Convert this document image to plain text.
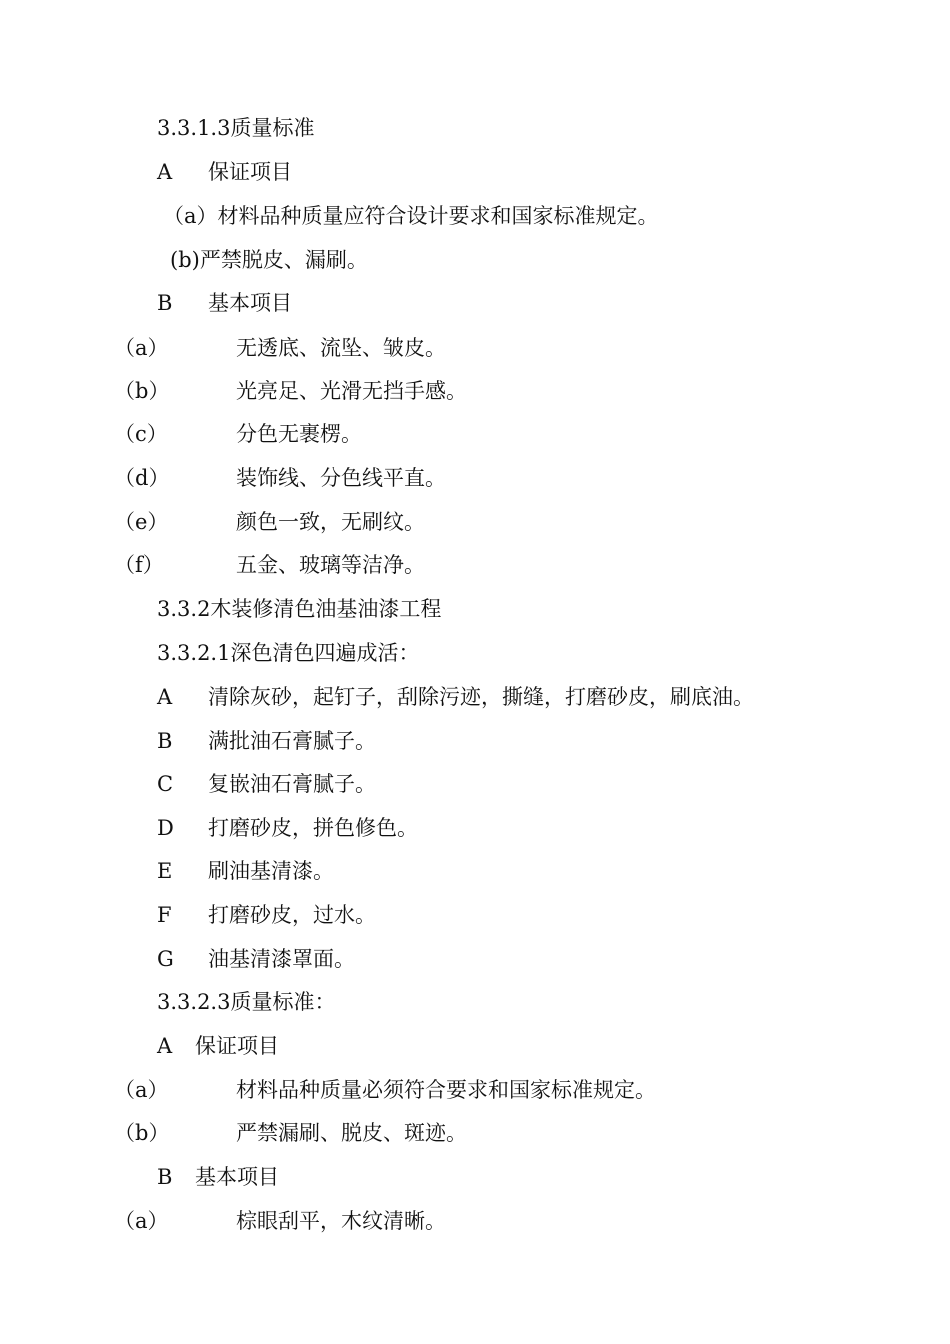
3.3.1.3质量标准
A 保证项目
（a）材料品种质量应符合设计要求和国家标准规定。
(b)严禁脱皮、漏刷。
B 基本项目
（a）	无透底、流坠、皱皮。
（b）	光亮足、光滑无挡手感。
（c）	分色无裹楞。
（d）	装饰线、分色线平直。
（e）	颜色一致，无刷纹。
（f）	五金、玻璃等洁净。
3.3.2木装修清色油基油漆工程
3.3.2.1深色清色四遍成活：
A 清除灰砂，起钉子，刮除污迹，撕缝，打磨砂皮，刷底油。
B 满批油石膏腻子。
C 复嵌油石膏腻子。
D 打磨砂皮，拼色修色。
E 刷油基清漆。
F 打磨砂皮，过水。
G 油基清漆罩面。
3.3.2.3质量标准：
A 保证项目
（a）	材料品种质量必须符合要求和国家标准规定。
（b）	严禁漏刷、脱皮、斑迹。
B 基本项目
（a）	棕眼刮平，木纹清晰。
